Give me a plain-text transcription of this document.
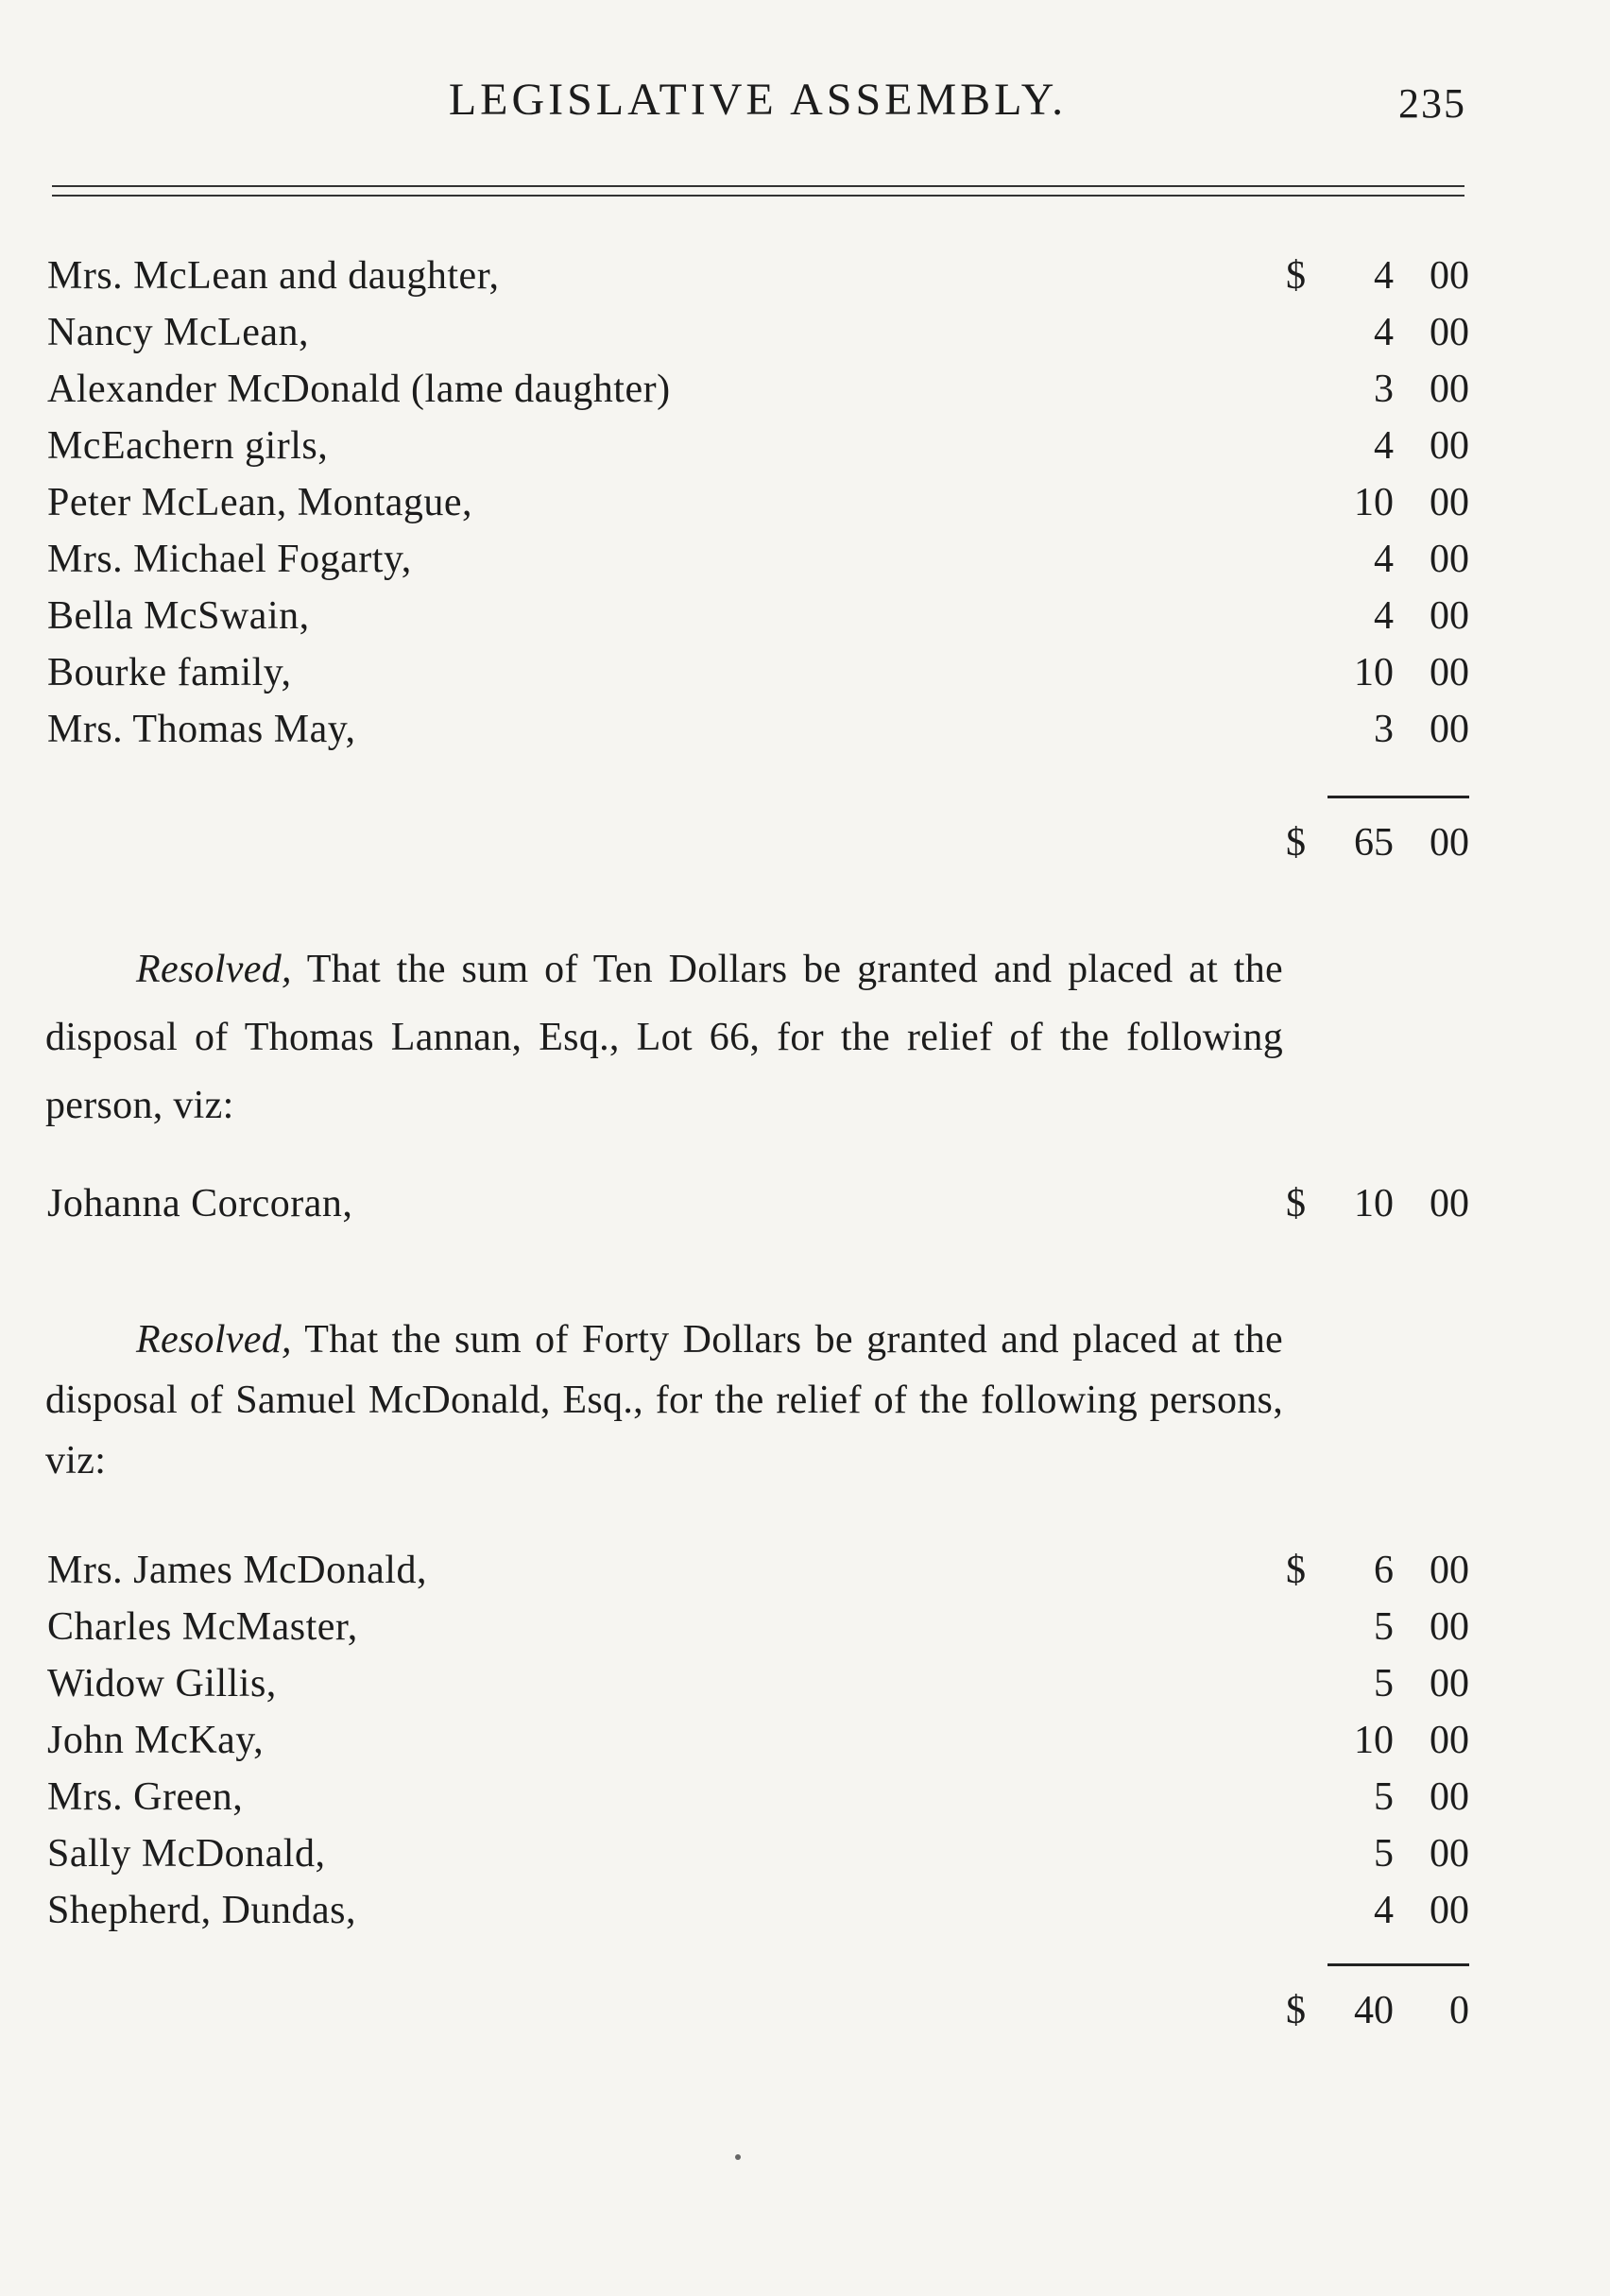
LEGISLATIVE ASSEMBLY.	235
Mrs. McLean and daughter,	$	4 00
Nancy McLean,	4 00
Alexander McDonald (lame daughter)	3 00
McEachern girls,	4 00
Peter McLean, Montague,	10 00
Mrs. Michael Fogarty,	4 00
Bella McSwain,	4 00
Bourke family,	10 00
Mrs. Thomas May,	3 00
$	65 00
Resolved, That the sum of Ten Dollars be granted and placed at the disposal of Thomas Lannan, Esq., Lot 66, for the relief of the following person, viz:
Johanna Corcoran,	$	10 00
Resolved, That the sum of Forty Dollars be granted and placed at the disposal of Samuel McDonald, Esq., for the relief of the following persons, viz:
Mrs. James McDonald,	$	6 00
Charles McMaster,	5 00
Widow Gillis,	5 00
John McKay,	10 00
Mrs. Green,	5 00
Sally McDonald,	5 00
Shepherd, Dundas,	4 00
$	40	0
